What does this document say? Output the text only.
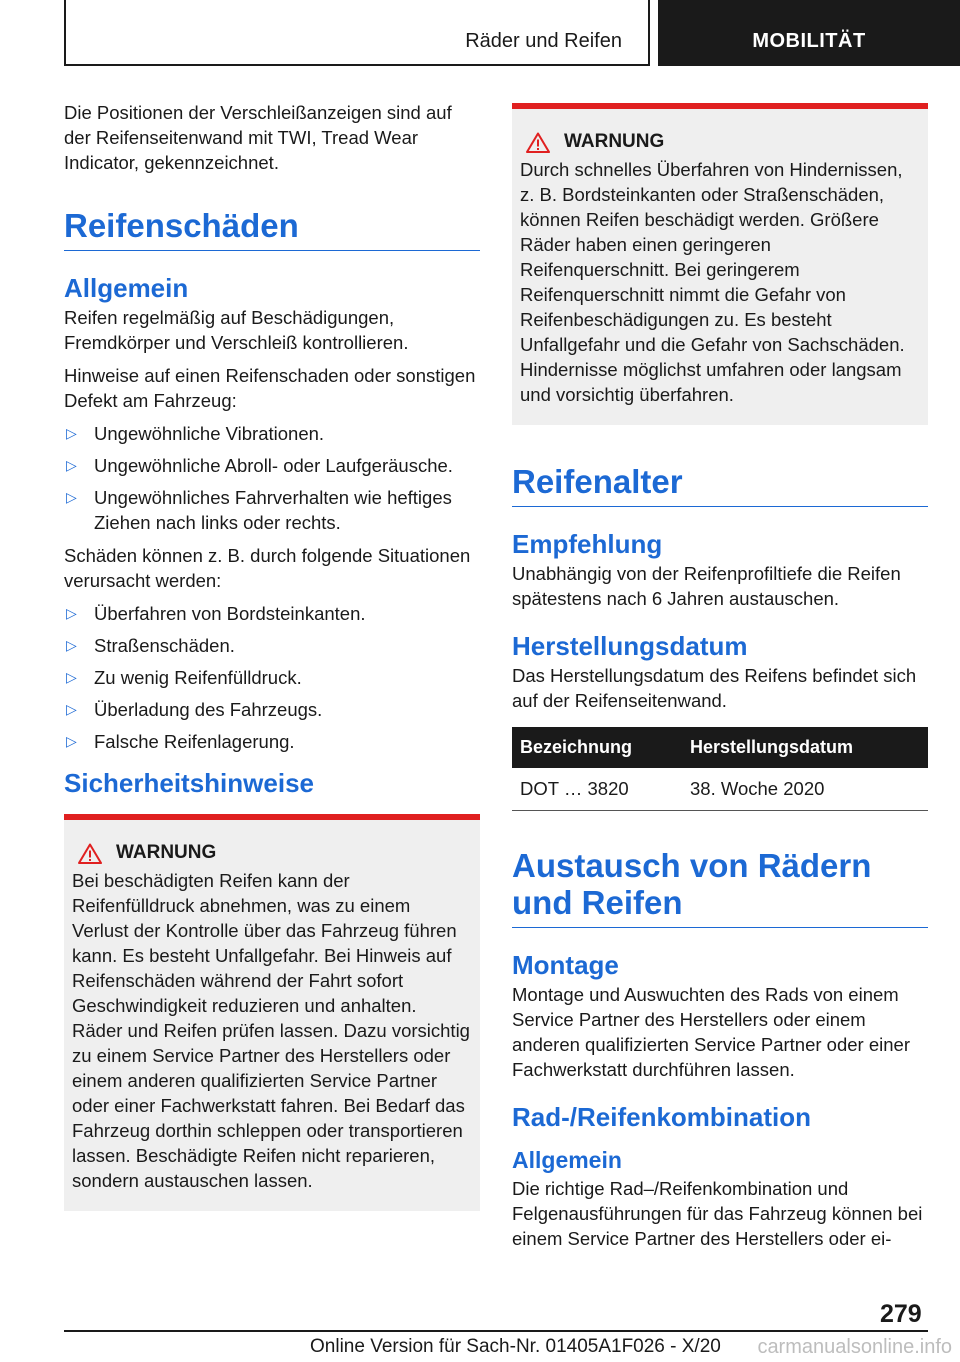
Räder und Reifen	MOBILITÄT

Die Positionen der Verschleißanzeigen sind auf der Reifenseitenwand mit TWI, Tread Wear Indicator, gekennzeichnet.

Reifenschäden
Allgemein

Reifen regelmäßig auf Beschädigungen, Fremdkörper und Verschleiß kontrollieren.

Hinweise auf einen Reifenschaden oder sonstigen Defekt am Fahrzeug:

▷ Ungewöhnliche Vibrationen.
▷ Ungewöhnliche Abroll- oder Laufgeräusche.
▷ Ungewöhnliches Fahrverhalten wie heftiges Ziehen nach links oder rechts.

Schäden können z. B. durch folgende Situationen verursacht werden:

▷ Überfahren von Bordsteinkanten.
▷ Straßenschäden.
▷ Zu wenig Reifenfülldruck.
▷ Überladung des Fahrzeugs.
▷ Falsche Reifenlagerung.
Sicherheitshinweise
WARNUNG

Bei beschädigten Reifen kann der Reifenfülldruck abnehmen, was zu einem Verlust der Kontrolle über das Fahrzeug führen kann. Es besteht Unfallgefahr. Bei Hinweis auf Reifenschäden während der Fahrt sofort Geschwindigkeit reduzieren und anhalten. Räder und Reifen prüfen lassen. Dazu vorsichtig zu einem Service Partner des Herstellers oder einem anderen qualifizierten Service Partner oder einer Fachwerkstatt fahren. Bei Bedarf das Fahrzeug dorthin schleppen oder transportieren lassen. Beschädigte Reifen nicht reparieren, sondern austauschen lassen.

WARNUNG

Durch schnelles Überfahren von Hindernissen, z. B. Bordsteinkanten oder Straßenschäden, können Reifen beschädigt werden. Größere Räder haben einen geringeren Reifenquerschnitt. Bei geringerem Reifenquerschnitt nimmt die Gefahr von Reifenbeschädigungen zu. Es besteht Unfallgefahr und die Gefahr von Sachschäden. Hindernisse möglichst umfahren oder langsam und vorsichtig überfahren.

Reifenalter
Empfehlung

Unabhängig von der Reifenprofiltiefe die Reifen spätestens nach 6 Jahren austauschen.

Herstellungsdatum

Das Herstellungsdatum des Reifens befindet sich auf der Reifenseitenwand.

Bezeichnung	Herstellungsdatum
DOT … 3820	38. Woche 2020
Austausch von Rädern und Reifen
Montage

Montage und Auswuchten des Rads von einem Service Partner des Herstellers oder einem anderen qualifizierten Service Partner oder einer Fachwerkstatt durchführen lassen.

Rad-/Reifenkombination
Allgemein

Die richtige Rad–/Reifenkombination und Felgenausführungen für das Fahrzeug können bei einem Service Partner des Herstellers oder ei-

279
Online Version für Sach-Nr. 01405A1F026 - X/20 carmanualsonline.info
